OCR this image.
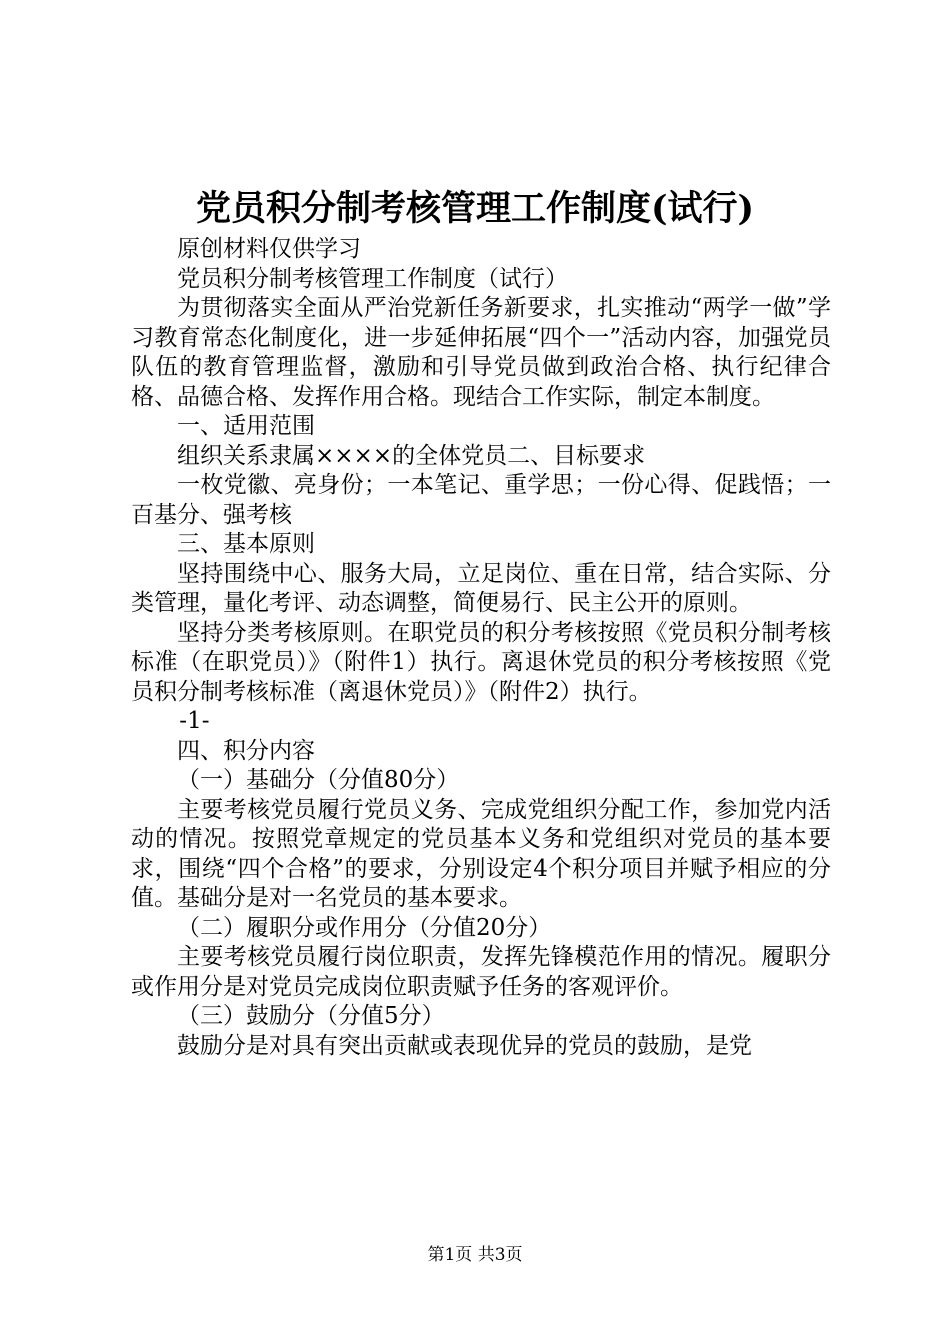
党员积分制考核管理工作制度(试行)

原创材料仅供学习

党员积分制考核管理工作制度（试行）

为贯彻落实全面从严治党新任务新要求，扎实推动“两学一做”学习教育常态化制度化，进一步延伸拓展“四个一”活动内容，加强党员队伍的教育管理监督，激励和引导党员做到政治合格、执行纪律合格、品德合格、发挥作用合格。现结合工作实际，制定本制度。

一、适用范围

组织关系隶属××××的全体党员二、目标要求

一枚党徽、亮身份；一本笔记、重学思；一份心得、促践悟；一百基分、强考核

三、基本原则

坚持围绕中心、服务大局，立足岗位、重在日常，结合实际、分类管理，量化考评、动态调整，简便易行、民主公开的原则。

坚持分类考核原则。在职党员的积分考核按照《党员积分制考核标准（在职党员）》（附件1）执行。离退休党员的积分考核按照《党员积分制考核标准（离退休党员）》（附件2）执行。

-1-

四、积分内容

（一）基础分（分值80分）

主要考核党员履行党员义务、完成党组织分配工作，参加党内活动的情况。按照党章规定的党员基本义务和党组织对党员的基本要求，围绕“四个合格”的要求，分别设定4个积分项目并赋予相应的分值。基础分是对一名党员的基本要求。

（二）履职分或作用分（分值20分）

主要考核党员履行岗位职责，发挥先锋模范作用的情况。履职分或作用分是对党员完成岗位职责赋予任务的客观评价。

（三）鼓励分（分值5分）

鼓励分是对具有突出贡献或表现优异的党员的鼓励，是党

第1页 共3页
